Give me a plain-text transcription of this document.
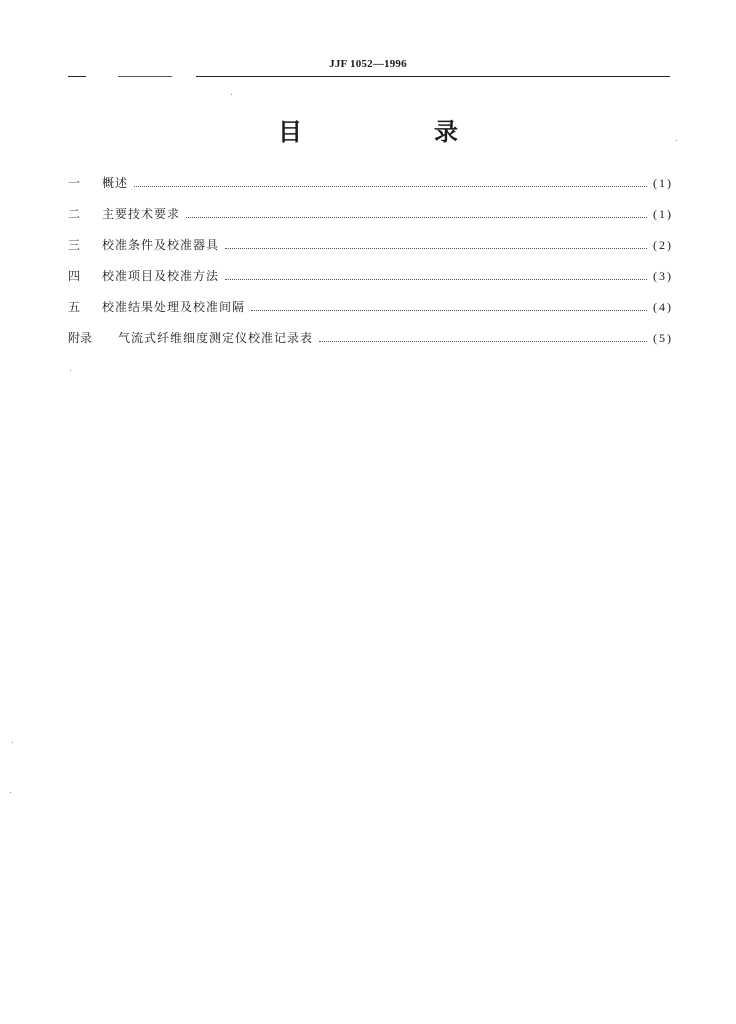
JJF 1052—1996
目　录
一	概述	(1)
二	主要技术要求	(1)
三	校准条件及校准器具	(2)
四	校准项目及校准方法	(3)
五	校准结果处理及校准间隔	(4)
附录	气流式纤维细度测定仪校准记录表	(5)
